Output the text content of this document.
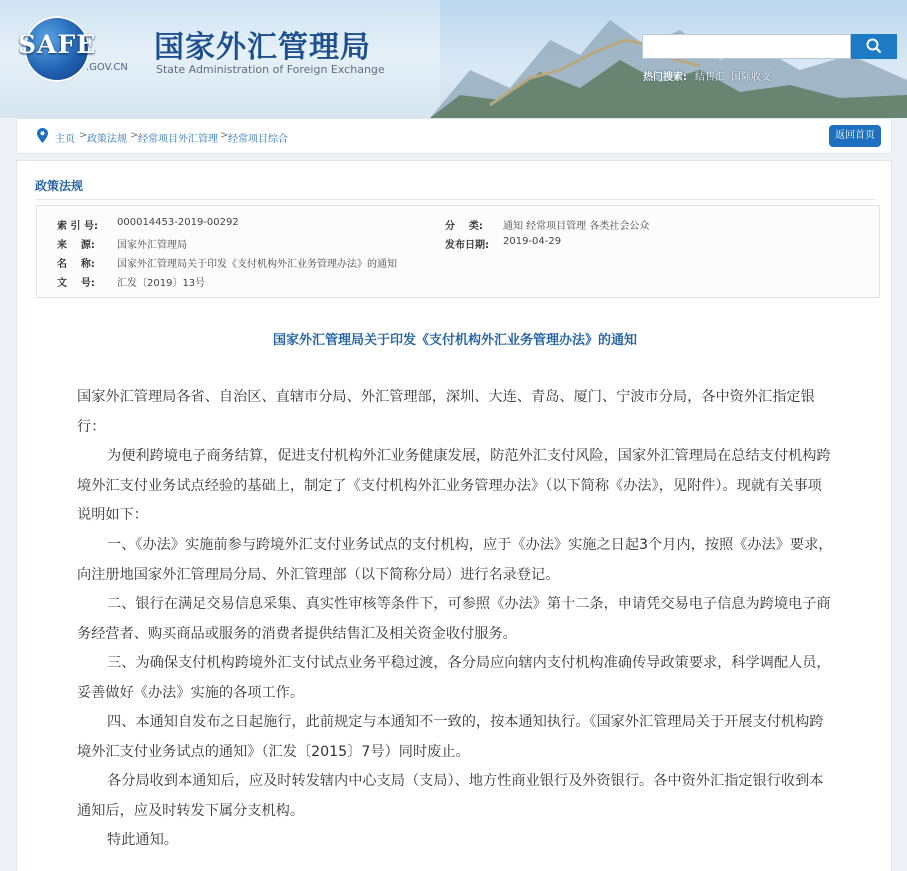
SAFE
.GOV.CN
国家外汇管理局
State Administration of Foreign Exchange
热门搜索: 结售汇 国际收支
主页 > 政策法规 > 经常项目外汇管理 > 经常项目综合	返回首页
政策法规
索 引 号: 000014453-2019-00292
来    源: 国家外汇管理局
名    称: 国家外汇管理局关于印发《支付机构外汇业务管理办法》的通知
文    号: 汇发〔2019〕13号
分    类: 通知 经常项目管理 各类社会公众
发布日期: 2019-04-29
国家外汇管理局关于印发《支付机构外汇业务管理办法》的通知

国家外汇管理局各省、自治区、直辖市分局、外汇管理部，深圳、大连、青岛、厦门、宁波市分局，各中资外汇指定银行：

为便利跨境电子商务结算，促进支付机构外汇业务健康发展，防范外汇支付风险，国家外汇管理局在总结支付机构跨境外汇支付业务试点经验的基础上，制定了《支付机构外汇业务管理办法》（以下简称《办法》，见附件）。现就有关事项说明如下：

一、《办法》实施前参与跨境外汇支付业务试点的支付机构，应于《办法》实施之日起3个月内，按照《办法》要求，向注册地国家外汇管理局分局、外汇管理部（以下简称分局）进行名录登记。

二、银行在满足交易信息采集、真实性审核等条件下，可参照《办法》第十二条，申请凭交易电子信息为跨境电子商务经营者、购买商品或服务的消费者提供结售汇及相关资金收付服务。

三、为确保支付机构跨境外汇支付试点业务平稳过渡，各分局应向辖内支付机构准确传导政策要求，科学调配人员，妥善做好《办法》实施的各项工作。

四、本通知自发布之日起施行，此前规定与本通知不一致的，按本通知执行。《国家外汇管理局关于开展支付机构跨境外汇支付业务试点的通知》（汇发〔2015〕7号）同时废止。

各分局收到本通知后，应及时转发辖内中心支局（支局）、地方性商业银行及外资银行。各中资外汇指定银行收到本通知后，应及时转发下属分支机构。

特此通知。
